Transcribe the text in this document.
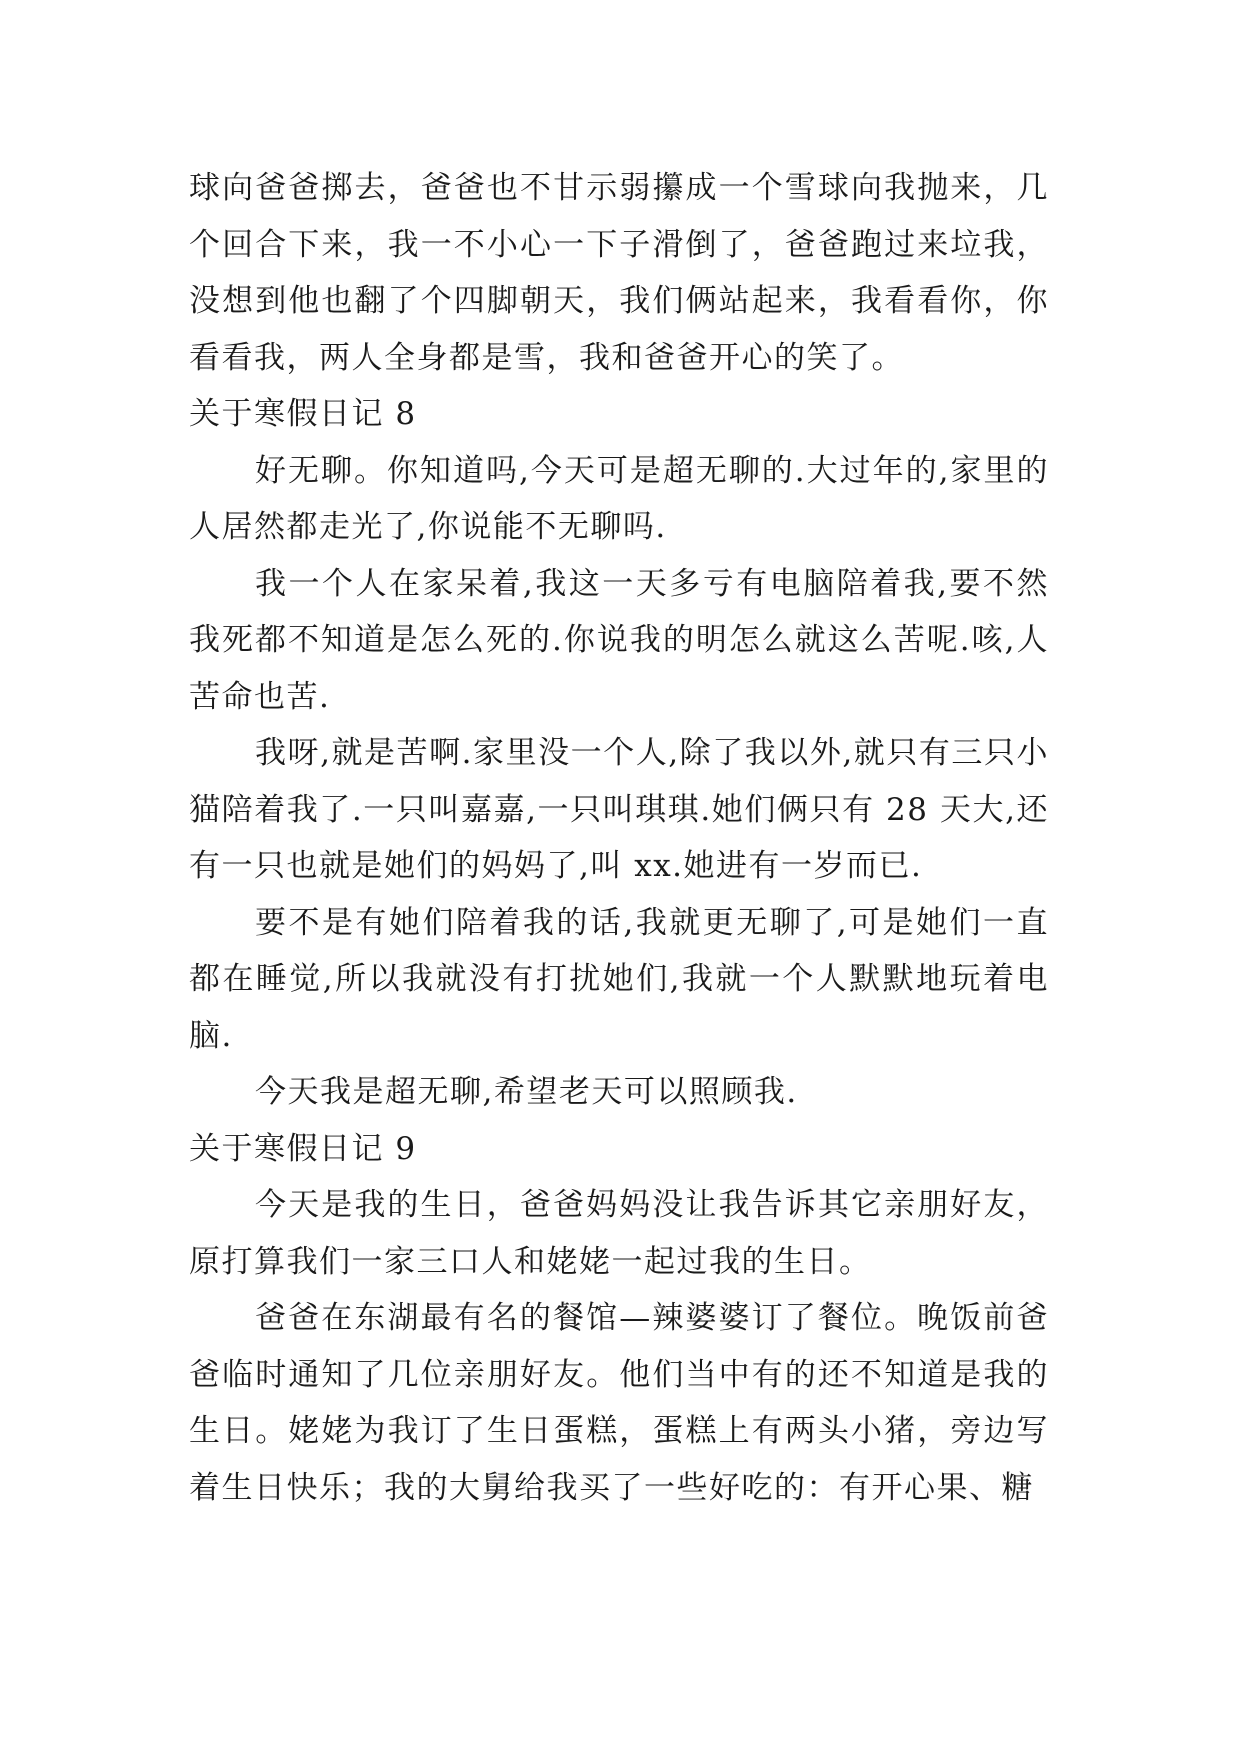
球向爸爸掷去，爸爸也不甘示弱攥成一个雪球向我抛来，几个回合下来，我一不小心一下子滑倒了，爸爸跑过来垃我，没想到他也翻了个四脚朝天，我们俩站起来，我看看你，你看看我，两人全身都是雪，我和爸爸开心的笑了。

关于寒假日记 8

好无聊。你知道吗,今天可是超无聊的.大过年的,家里的人居然都走光了,你说能不无聊吗.

我一个人在家呆着,我这一天多亏有电脑陪着我,要不然我死都不知道是怎么死的.你说我的明怎么就这么苦呢.咳,人苦命也苦.

我呀,就是苦啊.家里没一个人,除了我以外,就只有三只小猫陪着我了.一只叫嘉嘉,一只叫琪琪.她们俩只有 28 天大,还有一只也就是她们的妈妈了,叫 xx.她进有一岁而已.

要不是有她们陪着我的话,我就更无聊了,可是她们一直都在睡觉,所以我就没有打扰她们,我就一个人默默地玩着电脑.

今天我是超无聊,希望老天可以照顾我.

关于寒假日记 9

今天是我的生日，爸爸妈妈没让我告诉其它亲朋好友，原打算我们一家三口人和姥姥一起过我的生日。

爸爸在东湖最有名的餐馆—辣婆婆订了餐位。晚饭前爸爸临时通知了几位亲朋好友。他们当中有的还不知道是我的生日。姥姥为我订了生日蛋糕，蛋糕上有两头小猪，旁边写着生日快乐；我的大舅给我买了一些好吃的：有开心果、糖
